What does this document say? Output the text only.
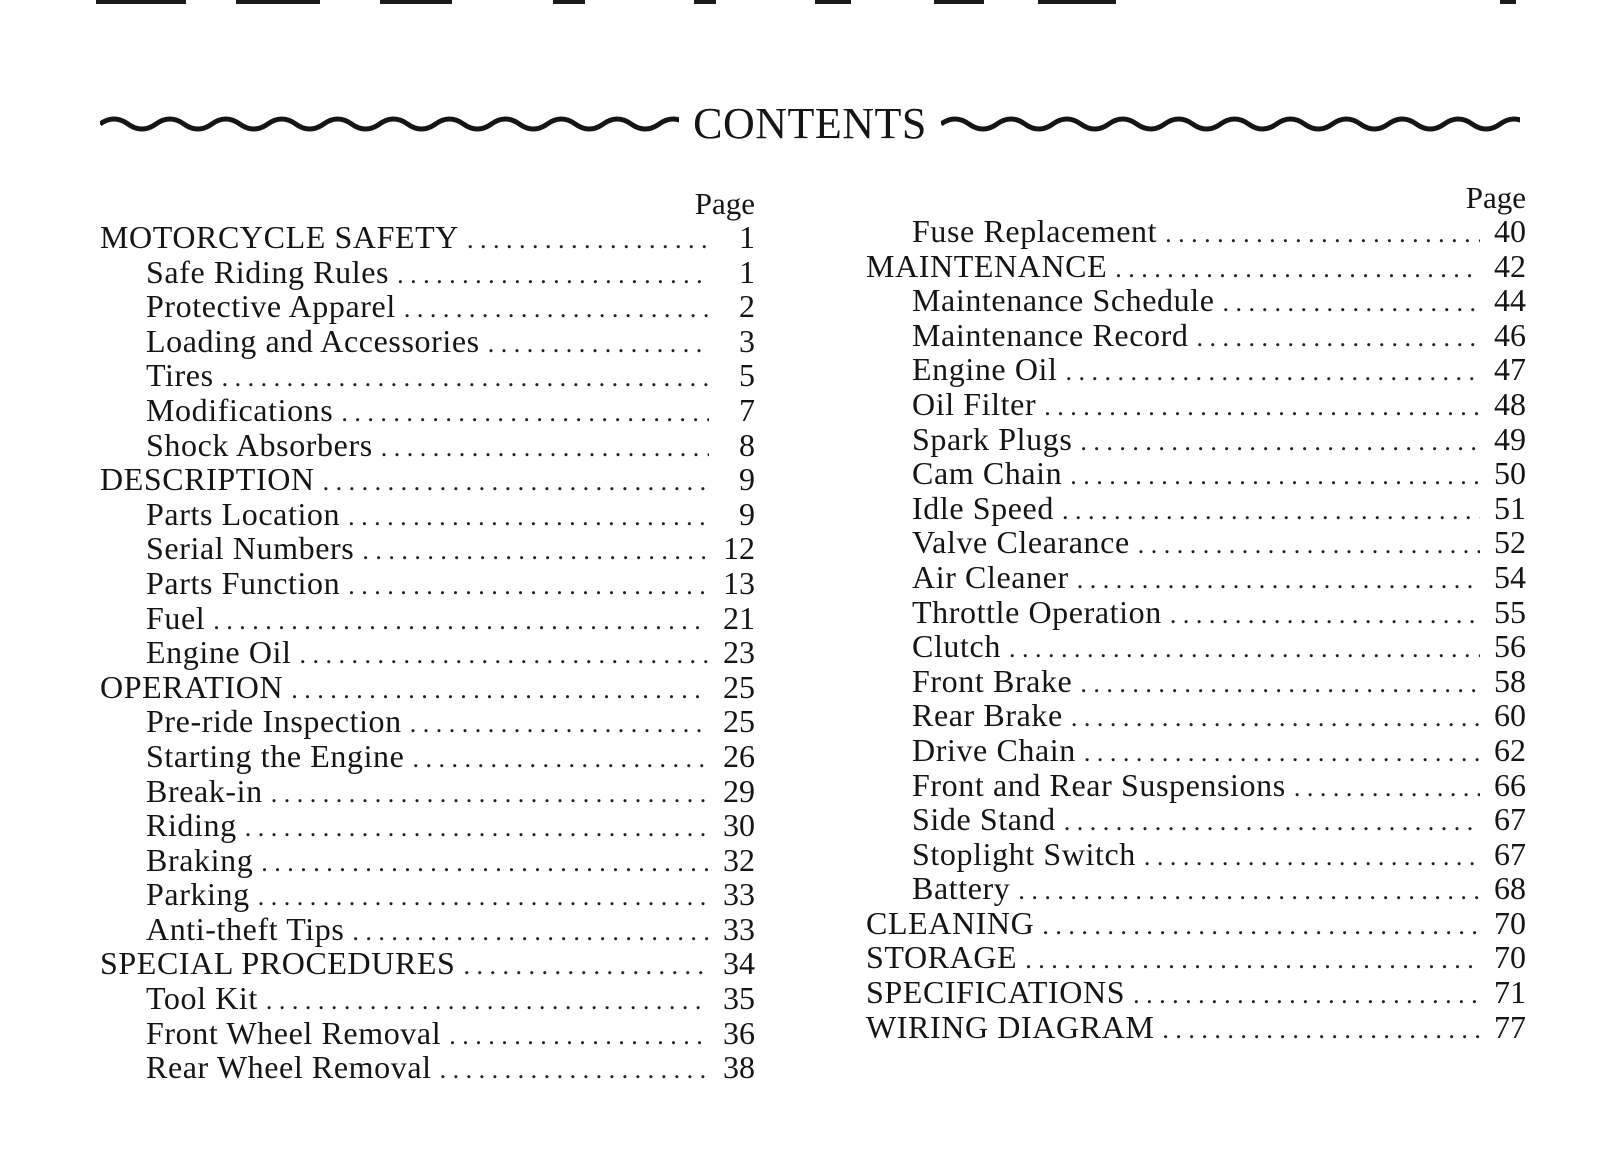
CONTENTS
Page
MOTORCYCLE SAFETY . . .	1
Safe Riding Rules . . .	1
Protective Apparel . . .	2
Loading and Accessories . . .	3
Tires . . .	5
Modifications . . .	7
Shock Absorbers . . .	8
DESCRIPTION . . .	9
Parts Location . . .	9
Serial Numbers . . .	12
Parts Function . . .	13
Fuel . . .	21
Engine Oil . . .	23
OPERATION . . .	25
Pre-ride Inspection . . .	25
Starting the Engine . . .	26
Break-in . . .	29
Riding . . .	30
Braking . . .	32
Parking . . .	33
Anti-theft Tips . . .	33
SPECIAL PROCEDURES . . .	34
Tool Kit . . .	35
Front Wheel Removal . . .	36
Rear Wheel Removal . . .	38
Page
Fuse Replacement . . .	40
MAINTENANCE . . .	42
Maintenance Schedule . . .	44
Maintenance Record . . .	46
Engine Oil . . .	47
Oil Filter . . .	48
Spark Plugs . . .	49
Cam Chain . . .	50
Idle Speed . . .	51
Valve Clearance . . .	52
Air Cleaner . . .	54
Throttle Operation . . .	55
Clutch . . .	56
Front Brake . . .	58
Rear Brake . . .	60
Drive Chain . . .	62
Front and Rear Suspensions . . .	66
Side Stand . . .	67
Stoplight Switch . . .	67
Battery . . .	68
CLEANING . . .	70
STORAGE . . .	70
SPECIFICATIONS . . .	71
WIRING DIAGRAM . . .	77
